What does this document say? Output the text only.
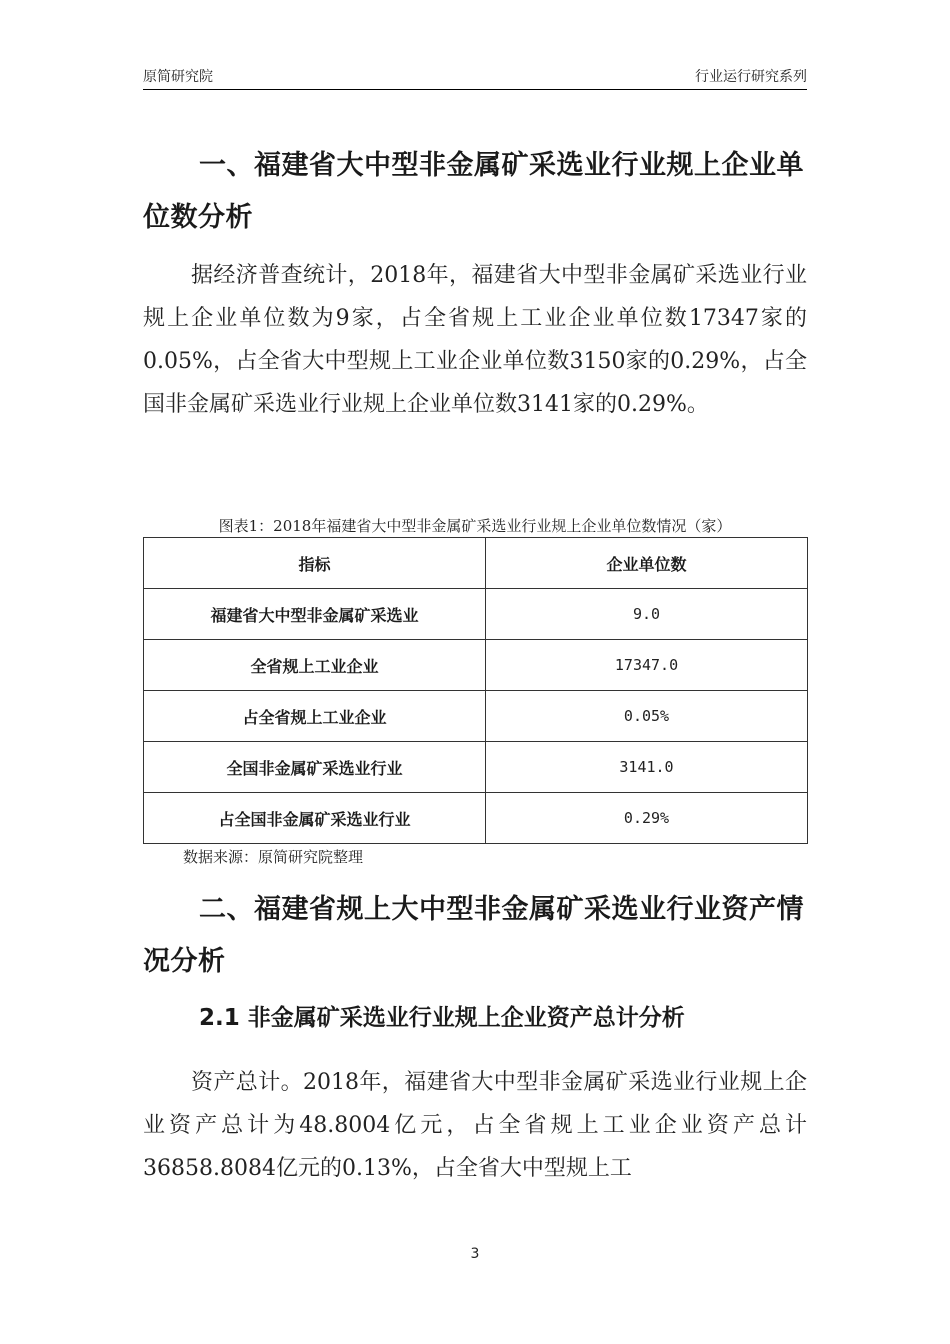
原简研究院	行业运行研究系列
一、福建省大中型非金属矿采选业行业规上企业单位数分析

据经济普查统计，2018年，福建省大中型非金属矿采选业行业规上企业单位数为9家，占全省规上工业企业单位数17347家的0.05%，占全省大中型规上工业企业单位数3150家的0.29%，占全国非金属矿采选业行业规上企业单位数3141家的0.29%。

图表1：2018年福建省大中型非金属矿采选业行业规上企业单位数情况（家）
指标	企业单位数
福建省大中型非金属矿采选业	9.0
全省规上工业企业	17347.0
占全省规上工业企业	0.05%
全国非金属矿采选业行业	3141.0
占全国非金属矿采选业行业	0.29%
数据来源：原简研究院整理
二、福建省规上大中型非金属矿采选业行业资产情况分析
2.1 非金属矿采选业行业规上企业资产总计分析

资产总计。2018年，福建省大中型非金属矿采选业行业规上企业资产总计为48.8004亿元，占全省规上工业企业资产总计36858.8084亿元的0.13%，占全省大中型规上工

3
